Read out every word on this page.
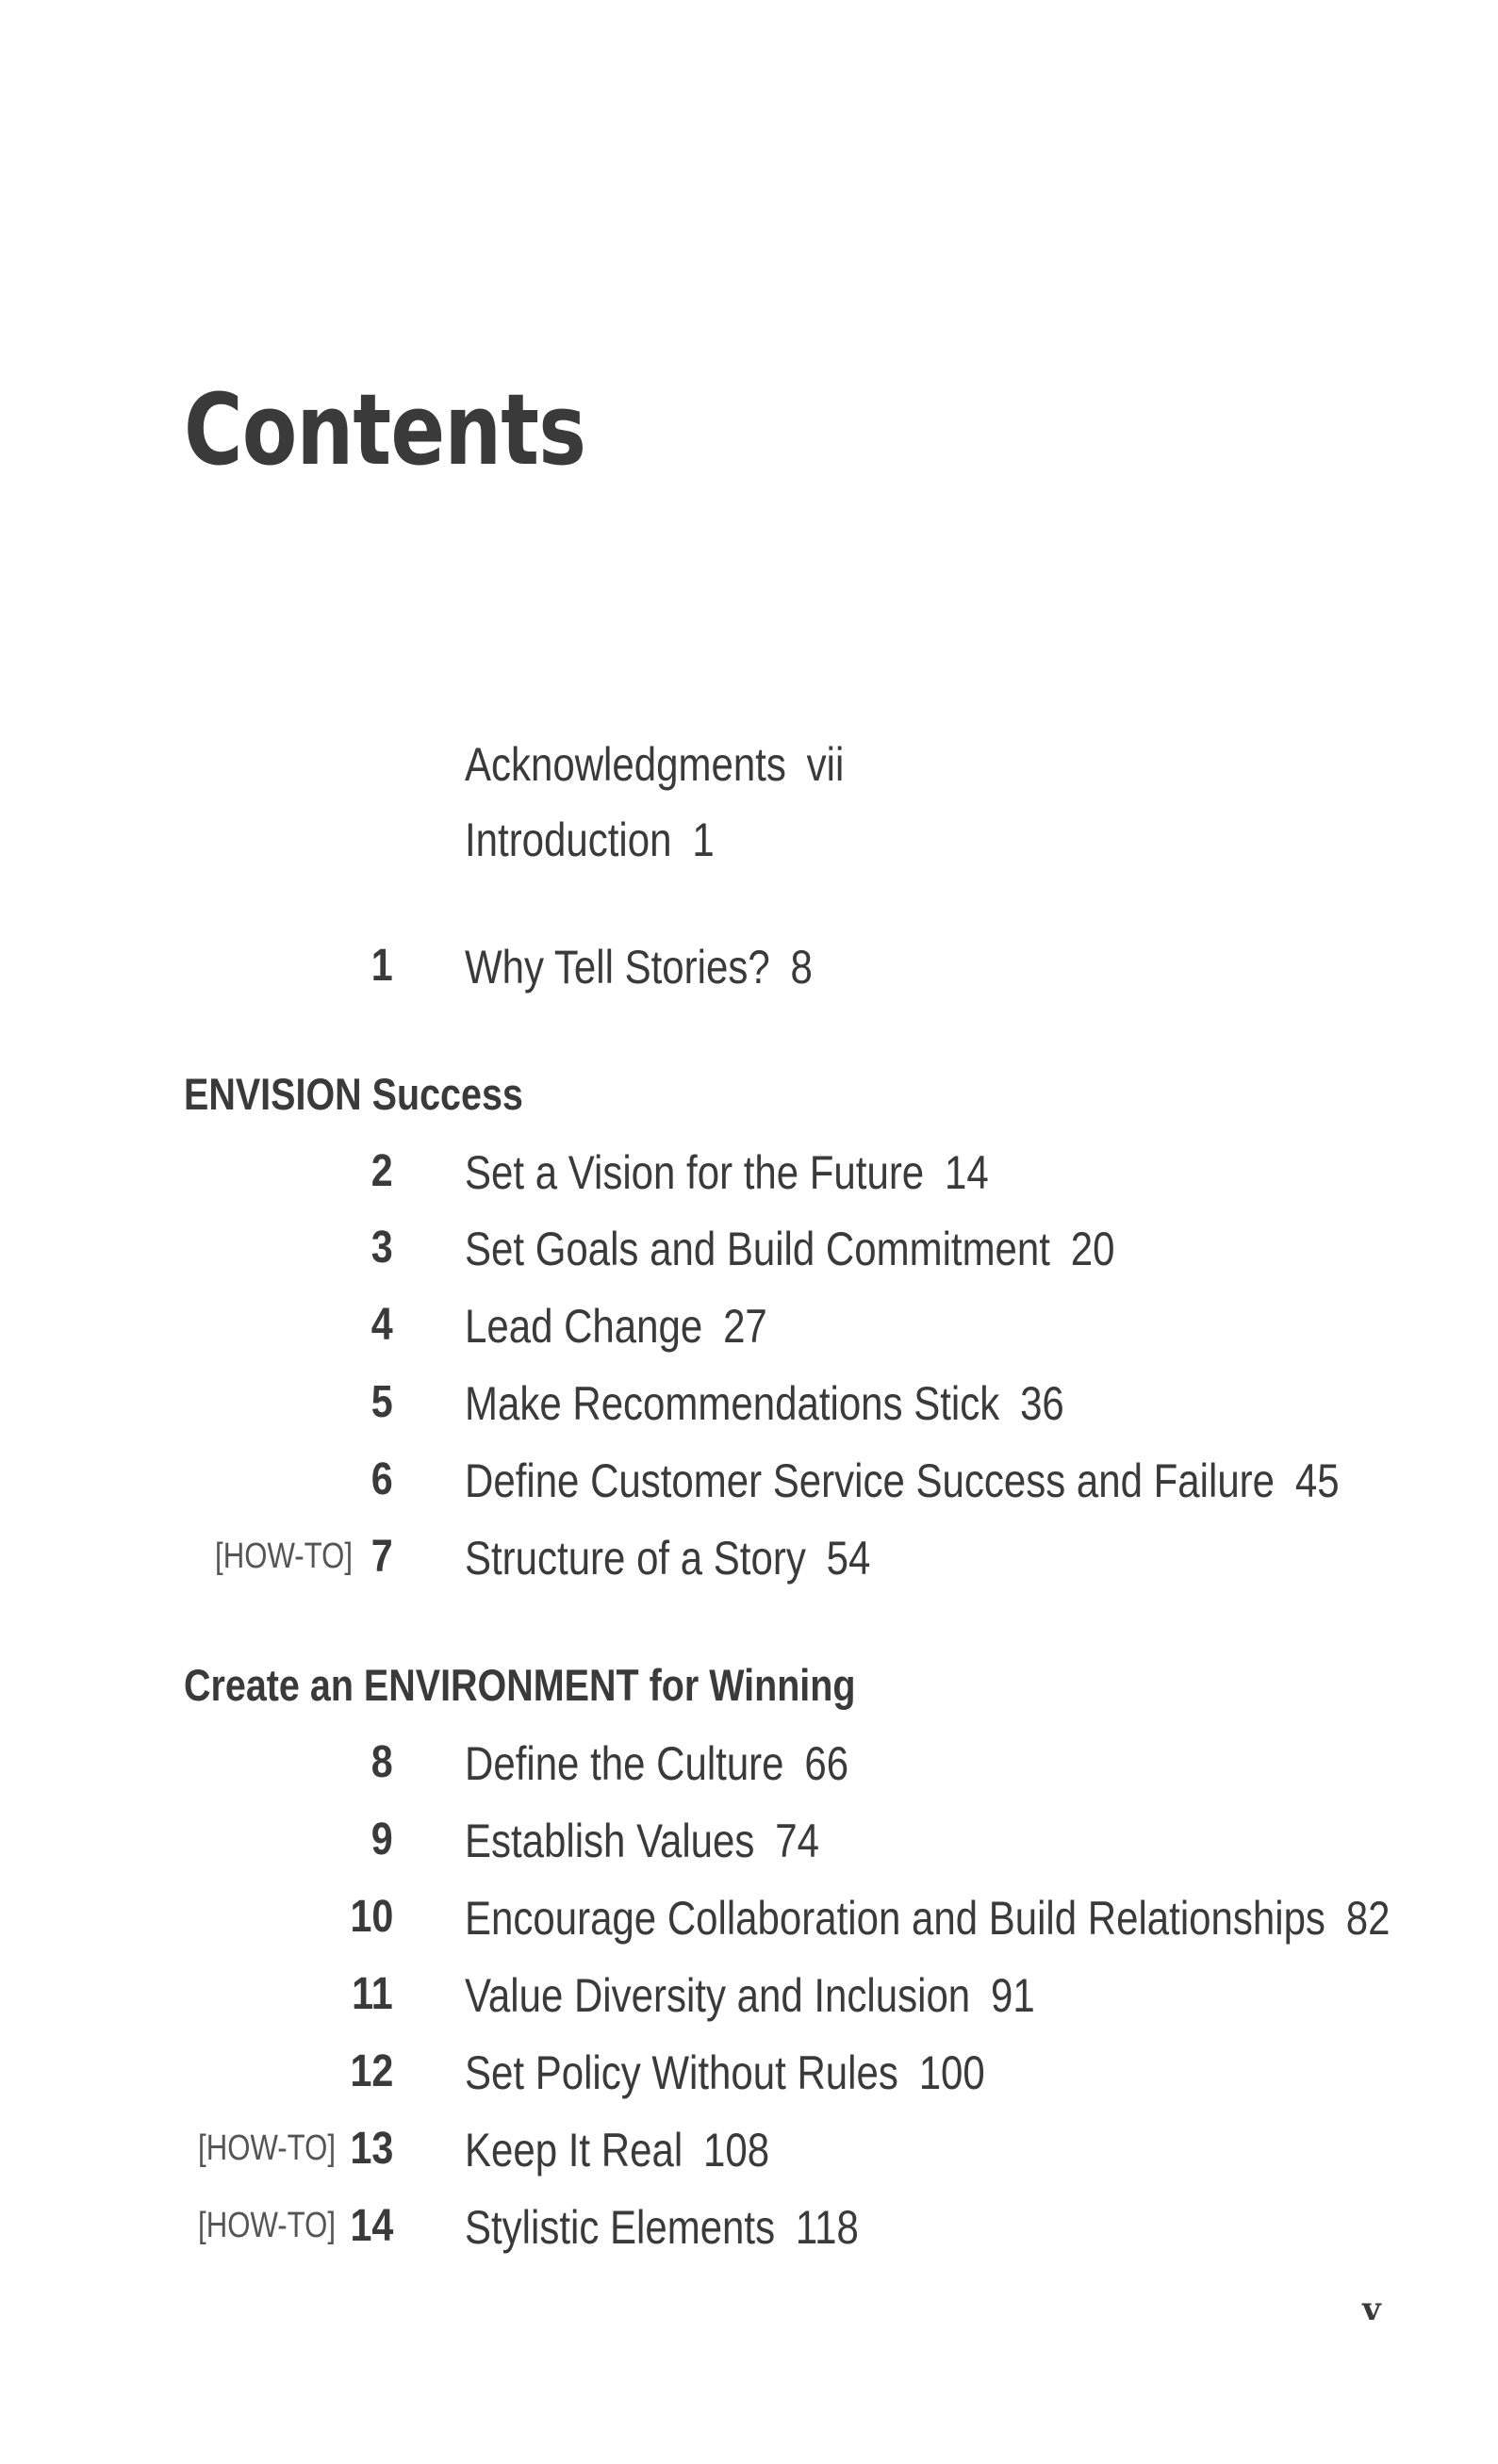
Contents
Acknowledgments vii
Introduction 1
1 Why Tell Stories? 8
ENVISION Success
2 Set a Vision for the Future 14
3 Set Goals and Build Commitment 20
4 Lead Change 27
5 Make Recommendations Stick 36
6 Define Customer Service Success and Failure 45
[HOW-TO] 7 Structure of a Story 54
Create an ENVIRONMENT for Winning
8 Define the Culture 66
9 Establish Values 74
10 Encourage Collaboration and Build Relationships 82
11 Value Diversity and Inclusion 91
12 Set Policy Without Rules 100
[HOW-TO] 13 Keep It Real 108
[HOW-TO] 14 Stylistic Elements 118
v
